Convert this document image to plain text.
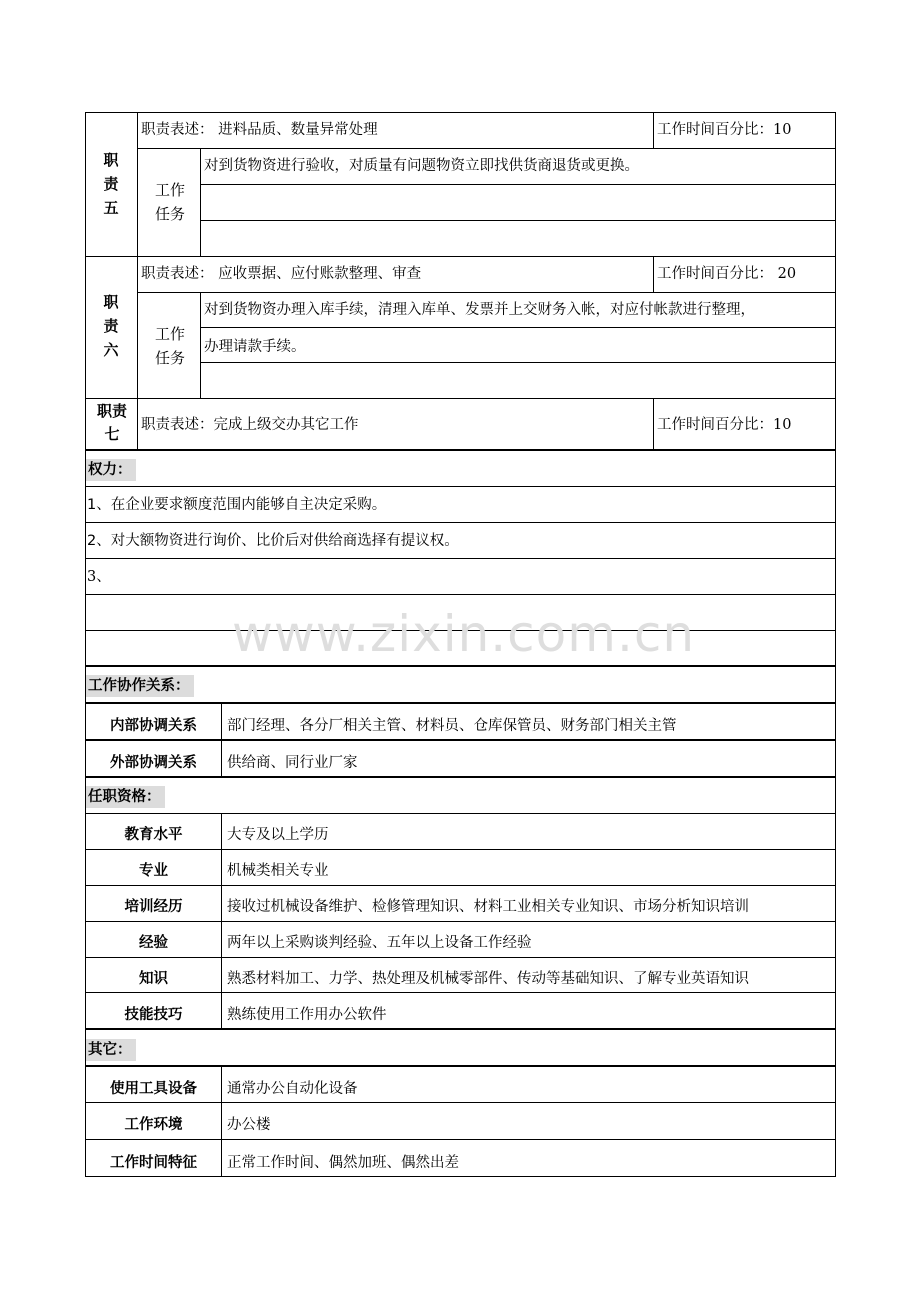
职
责
五
职责表述： 进料品质、数量异常处理	工作时间百分比：10
工作
任务
对到货物资进行验收，对质量有问题物资立即找供货商退货或更换。
职
责
六
职责表述： 应收票据、应付账款整理、审查	工作时间百分比： 20
工作
任务
对到货物资办理入库手续，清理入库单、发票并上交财务入帐，对应付帐款进行整理，
办理请款手续。
职责
七	职责表述：完成上级交办其它工作	工作时间百分比：10
权力：
1、在企业要求额度范围内能够自主决定采购。
2、对大额物资进行询价、比价后对供给商选择有提议权。
3、
工作协作关系：
内部协调关系	部门经理、各分厂相关主管、材料员、仓库保管员、财务部门相关主管
外部协调关系	供给商、同行业厂家
任职资格：
教育水平	大专及以上学历
专业	机械类相关专业
培训经历	接收过机械设备维护、检修管理知识、材料工业相关专业知识、市场分析知识培训
经验	两年以上采购谈判经验、五年以上设备工作经验
知识	熟悉材料加工、力学、热处理及机械零部件、传动等基础知识、了解专业英语知识
技能技巧	熟练使用工作用办公软件
其它：
使用工具设备	通常办公自动化设备
工作环境	办公楼
工作时间特征	正常工作时间、偶然加班、偶然出差
www.zixin.com.cn
